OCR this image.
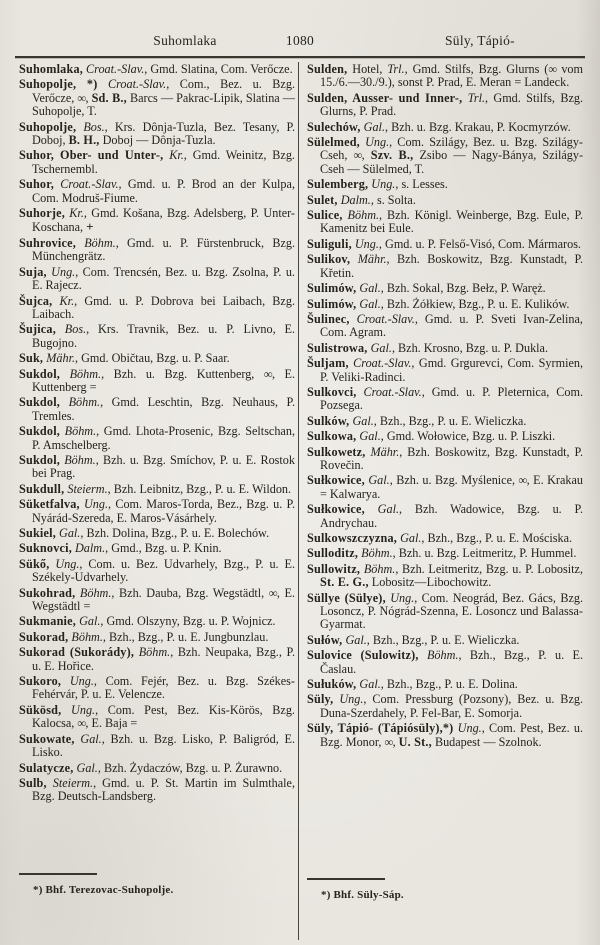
Suhomlaka	1080	Süly, Tápió-

Suhomlaka, Croat.-Slav., Gmd. Slatina, Com. Verőcze.

Suhopolje, *) Croat.-Slav., Com., Bez. u. Bzg. Verőcze, ∞, Sd. B., Barcs — Pakrac-Lipik, Slatina — Suhopolje, T.

Suhopolje, Bos., Krs. Dônja-Tuzla, Bez. Tesany, P. Doboj, B. H., Doboj — Dônja-Tuzla.

Suhor, Ober- und Unter-, Kr., Gmd. Weinitz, Bzg. Tschernembl.

Suhor, Croat.-Slav., Gmd. u. P. Brod an der Kulpa, Com. Modruš-Fiume.

Suhorje, Kr., Gmd. Košana, Bzg. Adelsberg, P. Unter-Koschana, +

Suhrovice, Böhm., Gmd. u. P. Fürstenbruck, Bzg. Münchengrätz.

Suja, Ung., Com. Trencsén, Bez. u. Bzg. Zsolna, P. u. E. Rajecz.

Šujca, Kr., Gmd. u. P. Dobrova bei Laibach, Bzg. Laibach.

Šujica, Bos., Krs. Travnik, Bez. u. P. Livno, E. Bugojno.

Suk, Mähr., Gmd. Običtau, Bzg. u. P. Saar.

Sukdol, Böhm., Bzh. u. Bzg. Kuttenberg, ∞, E. Kuttenberg =

Sukdol, Böhm., Gmd. Leschtin, Bzg. Neuhaus, P. Tremles.

Sukdol, Böhm., Gmd. Lhota-Prosenic, Bzg. Seltschan, P. Amschelberg.

Sukdol, Böhm., Bzh. u. Bzg. Smíchov, P. u. E. Rostok bei Prag.

Sukdull, Steierm., Bzh. Leibnitz, Bzg., P. u. E. Wildon.

Süketfalva, Ung., Com. Maros-Torda, Bez., Bzg. u. P. Nyárád-Szereda, E. Maros-Vásárhely.

Sukiel, Gal., Bzh. Dolina, Bzg., P. u. E. Bolechów.

Suknovci, Dalm., Gmd., Bzg. u. P. Knin.

Sükő, Ung., Com. u. Bez. Udvarhely, Bzg., P. u. E. Székely-Udvarhely.

Sukohrad, Böhm., Bzh. Dauba, Bzg. Wegstädtl, ∞, E. Wegstädtl =

Sukmanie, Gal., Gmd. Olszyny, Bzg. u. P. Wojnicz.

Sukorad, Böhm., Bzh., Bzg., P. u. E. Jungbunzlau.

Sukorad (Sukorády), Böhm., Bzh. Neupaka, Bzg., P. u. E. Hořice.

Sukoro, Ung., Com. Fejér, Bez. u. Bzg. Székes-Fehérvár, P. u. E. Velencze.

Sükösd, Ung., Com. Pest, Bez. Kis-Körös, Bzg. Kalocsa, ∞, E. Baja =

Sukowate, Gal., Bzh. u. Bzg. Lisko, P. Baligród, E. Lisko.

Sulatycze, Gal., Bzh. Żydaczów, Bzg. u. P. Żurawno.

Sulb, Steierm., Gmd. u. P. St. Martin im Sulmthale, Bzg. Deutsch-Landsberg.

Sulden, Hotel, Trl., Gmd. Stilfs, Bzg. Glurns (∞ vom 15./6.—30./9.), sonst P. Prad, E. Meran = Landeck.

Sulden, Ausser- und Inner-, Trl., Gmd. Stilfs, Bzg. Glurns, P. Prad.

Sulechów, Gal., Bzh. u. Bzg. Krakau, P. Kocmyrzów.

Sülelmed, Ung., Com. Szilágy, Bez. u. Bzg. Szilágy-Cseh, ∞, Szv. B., Zsibo — Nagy-Bánya, Szilágy-Cseh — Sülelmed, T.

Sulemberg, Ung., s. Lesses.

Sulet, Dalm., s. Solta.

Sulice, Böhm., Bzh. Königl. Weinberge, Bzg. Eule, P. Kamenitz bei Eule.

Suliguli, Ung., Gmd. u. P. Felső-Visó, Com. Mármaros.

Sulikov, Mähr., Bzh. Boskowitz, Bzg. Kunstadt, P. Křetin.

Sulimów, Gal., Bzh. Sokal, Bzg. Bełz, P. Waręż.

Sulimów, Gal., Bzh. Żółkiew, Bzg., P. u. E. Kulików.

Šulinec, Croat.-Slav., Gmd. u. P. Sveti Ivan-Zelina, Com. Agram.

Sulistrowa, Gal., Bzh. Krosno, Bzg. u. P. Dukla.

Šuljam, Croat.-Slav., Gmd. Grgurevci, Com. Syrmien, P. Veliki-Radinci.

Sulkovci, Croat.-Slav., Gmd. u. P. Pleternica, Com. Pozsega.

Sulków, Gal., Bzh., Bzg., P. u. E. Wieliczka.

Sulkowa, Gal., Gmd. Wołowice, Bzg. u. P. Liszki.

Sulkowetz, Mähr., Bzh. Boskowitz, Bzg. Kunstadt, P. Rovečin.

Sułkowice, Gal., Bzh. u. Bzg. Myślenice, ∞, E. Krakau = Kalwarya.

Sułkowice, Gal., Bzh. Wadowice, Bzg. u. P. Andrychau.

Sulkowszczyzna, Gal., Bzh., Bzg., P. u. E. Mościska.

Sulloditz, Böhm., Bzh. u. Bzg. Leitmeritz, P. Hummel.

Sullowitz, Böhm., Bzh. Leitmeritz, Bzg. u. P. Lobositz, St. E. G., Lobositz—Libochowitz.

Süllye (Sülye), Ung., Com. Neográd, Bez. Gács, Bzg. Losoncz, P. Nógrád-Szenna, E. Losoncz und Balassa-Gyarmat.

Sułów, Gal., Bzh., Bzg., P. u. E. Wieliczka.

Sulovice (Sulowitz), Böhm., Bzh., Bzg., P. u. E. Časlau.

Sułuków, Gal., Bzh., Bzg., P. u. E. Dolina.

Süly, Ung., Com. Pressburg (Pozsony), Bez. u. Bzg. Duna-Szerdahely, P. Fel-Bar, E. Somorja.

Süly, Tápió- (Tápiósüly),*) Ung., Com. Pest, Bez. u. Bzg. Monor, ∞, U. St., Budapest — Szolnok.

*) Bhf. Terezovac-Suhopolje.	*) Bhf. Süly-Sáp.
